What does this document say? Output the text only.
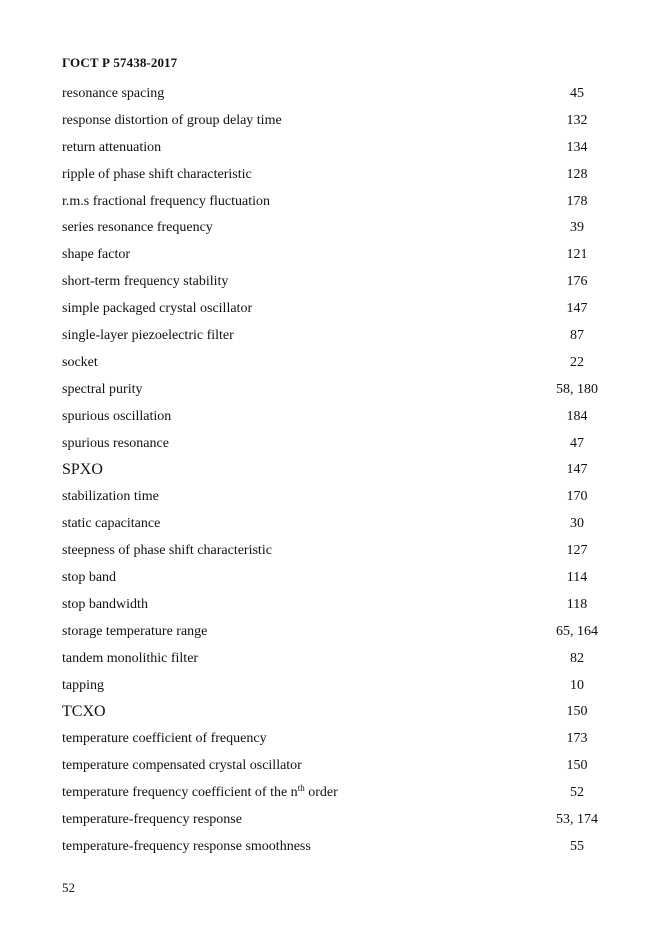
ГОСТ Р 57438-2017
resonance spacing	45
response distortion of group delay time	132
return attenuation	134
ripple of phase shift characteristic	128
r.m.s fractional frequency fluctuation	178
series resonance frequency	39
shape factor	121
short-term frequency stability	176
simple packaged crystal oscillator	147
single-layer piezoelectric filter	87
socket	22
spectral purity	58, 180
spurious oscillation	184
spurious resonance	47
SPXO	147
stabilization time	170
static capacitance	30
steepness of phase shift characteristic	127
stop band	114
stop bandwidth	118
storage temperature range	65, 164
tandem monolithic filter	82
tapping	10
TCXO	150
temperature coefficient of frequency	173
temperature compensated crystal oscillator	150
temperature frequency coefficient of the $n^{th}$ order	52
temperature-frequency response	53, 174
temperature-frequency response smoothness	55
52
